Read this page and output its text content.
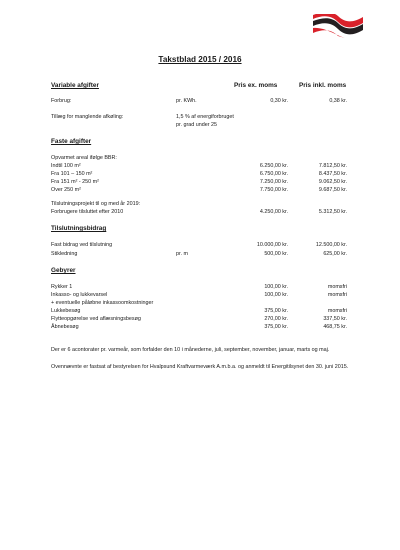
Takstblad 2015 / 2016
Variable afgifter	Pris ex. moms	Pris inkl. moms
Forbrug:	pr. KWh.	0,30 kr.	0,38 kr.
Tillæg for manglende afkøling:	1,5 % af energiforbruget
pr. grad under 25
Faste afgifter
Opvarmet areal ifølge BBR:
Indtil 100 m²	6.250,00 kr.	7.812,50 kr.
Fra 101 – 150 m²	6.750,00 kr.	8.437,50 kr.
Fra 151 m² - 250 m²	7.250,00 kr.	9.062,50 kr.
Over 250 m²	7.750,00 kr.	9.687,50 kr.
Tilslutningsprojekt til og med år 2019:
Forbrugere tilsluttet efter 2010	4.250,00 kr.	5.312,50 kr.
Tilslutningsbidrag
Fast bidrag ved tilslutning	10.000,00 kr.	12.500,00 kr.
Stikledning	pr. m	500,00 kr.	625,00 kr.
Gebyrer
Rykker 1	100,00 kr.	momsfri
Inkasso- og lukkevarsel	100,00 kr.	momsfri
+ eventuelle påløbne inkassoomkostninger
Lukkebesøg	375,00 kr.	momsfri
Flytteopgørelse ved aflæsningsbesøg	270,00 kr.	337,50 kr.
Åbnebesøg	375,00 kr.	468,75 kr.
Der er 6 acontorater pr. varmeår, som forfalder den 10 i månederne, juli, september, november, januar, marts og maj.
Ovennævnte er fastsat af bestyrelsen for Hvalpsund Kraftvarmeværk A.m.b.a. og anmeldt til Energitilsynet den 30. juni 2015.
